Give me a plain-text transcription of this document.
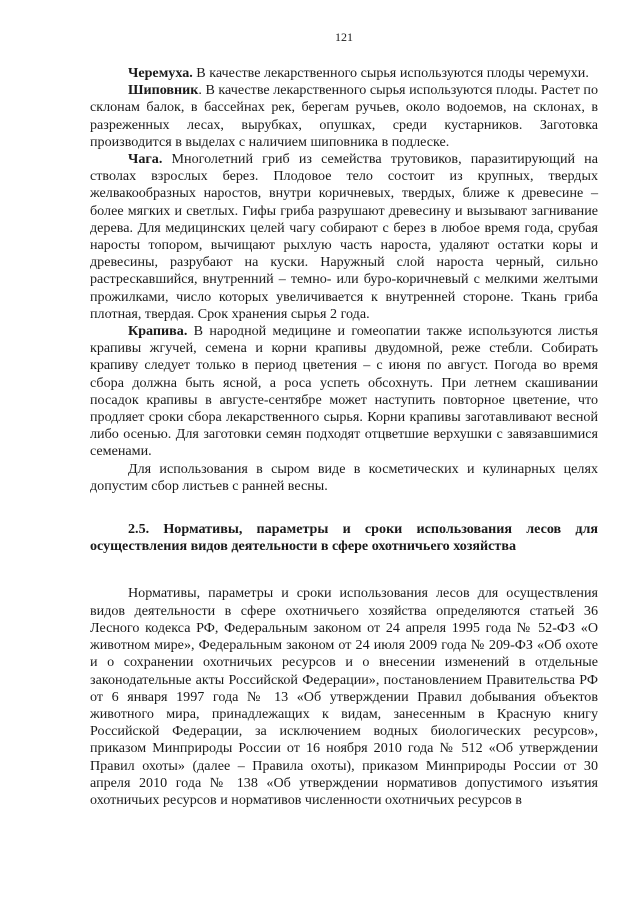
121

Черемуха. В качестве лекарственного сырья используются плоды черемухи.

Шиповник. В качестве лекарственного сырья используются плоды. Растет по склонам балок, в бассейнах рек, берегам ручьев, около водоемов, на склонах, в разреженных лесах, вырубках, опушках, среди кустарников. Заготовка производится в выделах с наличием шиповника в подлеске.

Чага. Многолетний гриб из семейства трутовиков, паразитирующий на стволах взрослых берез. Плодовое тело состоит из крупных, твердых желвакообразных наростов, внутри коричневых, твердых, ближе к древесине – более мягких и светлых. Гифы гриба разрушают древесину и вызывают загнивание дерева. Для медицинских целей чагу собирают с берез в любое время года, срубая наросты топором, вычищают рыхлую часть нароста, удаляют остатки коры и древесины, разрубают на куски. Наружный слой нароста черный, сильно растрескавшийся, внутренний – темно- или буро-коричневый с мелкими желтыми прожилками, число которых увеличивается к внутренней стороне. Ткань гриба плотная, твердая. Срок хранения сырья 2 года.

Крапива. В народной медицине и гомеопатии также используются листья крапивы жгучей, семена и корни крапивы двудомной, реже стебли. Собирать крапиву следует только в период цветения – с июня по август. Погода во время сбора должна быть ясной, а роса успеть обсохнуть. При летнем скашивании посадок крапивы в августе-сентябре может наступить повторное цветение, что продляет сроки сбора лекарственного сырья. Корни крапивы заготавливают весной либо осенью. Для заготовки семян подходят отцветшие верхушки с завязавшимися семенами.

Для использования в сыром виде в косметических и кулинарных целях допустим сбор листьев с ранней весны.

2.5. Нормативы, параметры и сроки использования лесов для осуществления видов деятельности в сфере охотничьего хозяйства

Нормативы, параметры и сроки использования лесов для осуществления видов деятельности в сфере охотничьего хозяйства определяются статьей 36 Лесного кодекса РФ, Федеральным законом от 24 апреля 1995 года № 52-ФЗ «О животном мире», Федеральным законом от 24 июля 2009 года № 209-ФЗ «Об охоте и о сохранении охотничьих ресурсов и о внесении изменений в отдельные законодательные акты Российской Федерации», постановлением Правительства РФ от 6 января 1997 года № 13 «Об утверждении Правил добывания объектов животного мира, принадлежащих к видам, занесенным в Красную книгу Российской Федерации, за исключением водных биологических ресурсов», приказом Минприроды России от 16 ноября 2010 года № 512 «Об утверждении Правил охоты» (далее – Правила охоты), приказом Минприроды России от 30 апреля 2010 года № 138 «Об утверждении нормативов допустимого изъятия охотничьих ресурсов и нормативов численности охотничьих ресурсов в
